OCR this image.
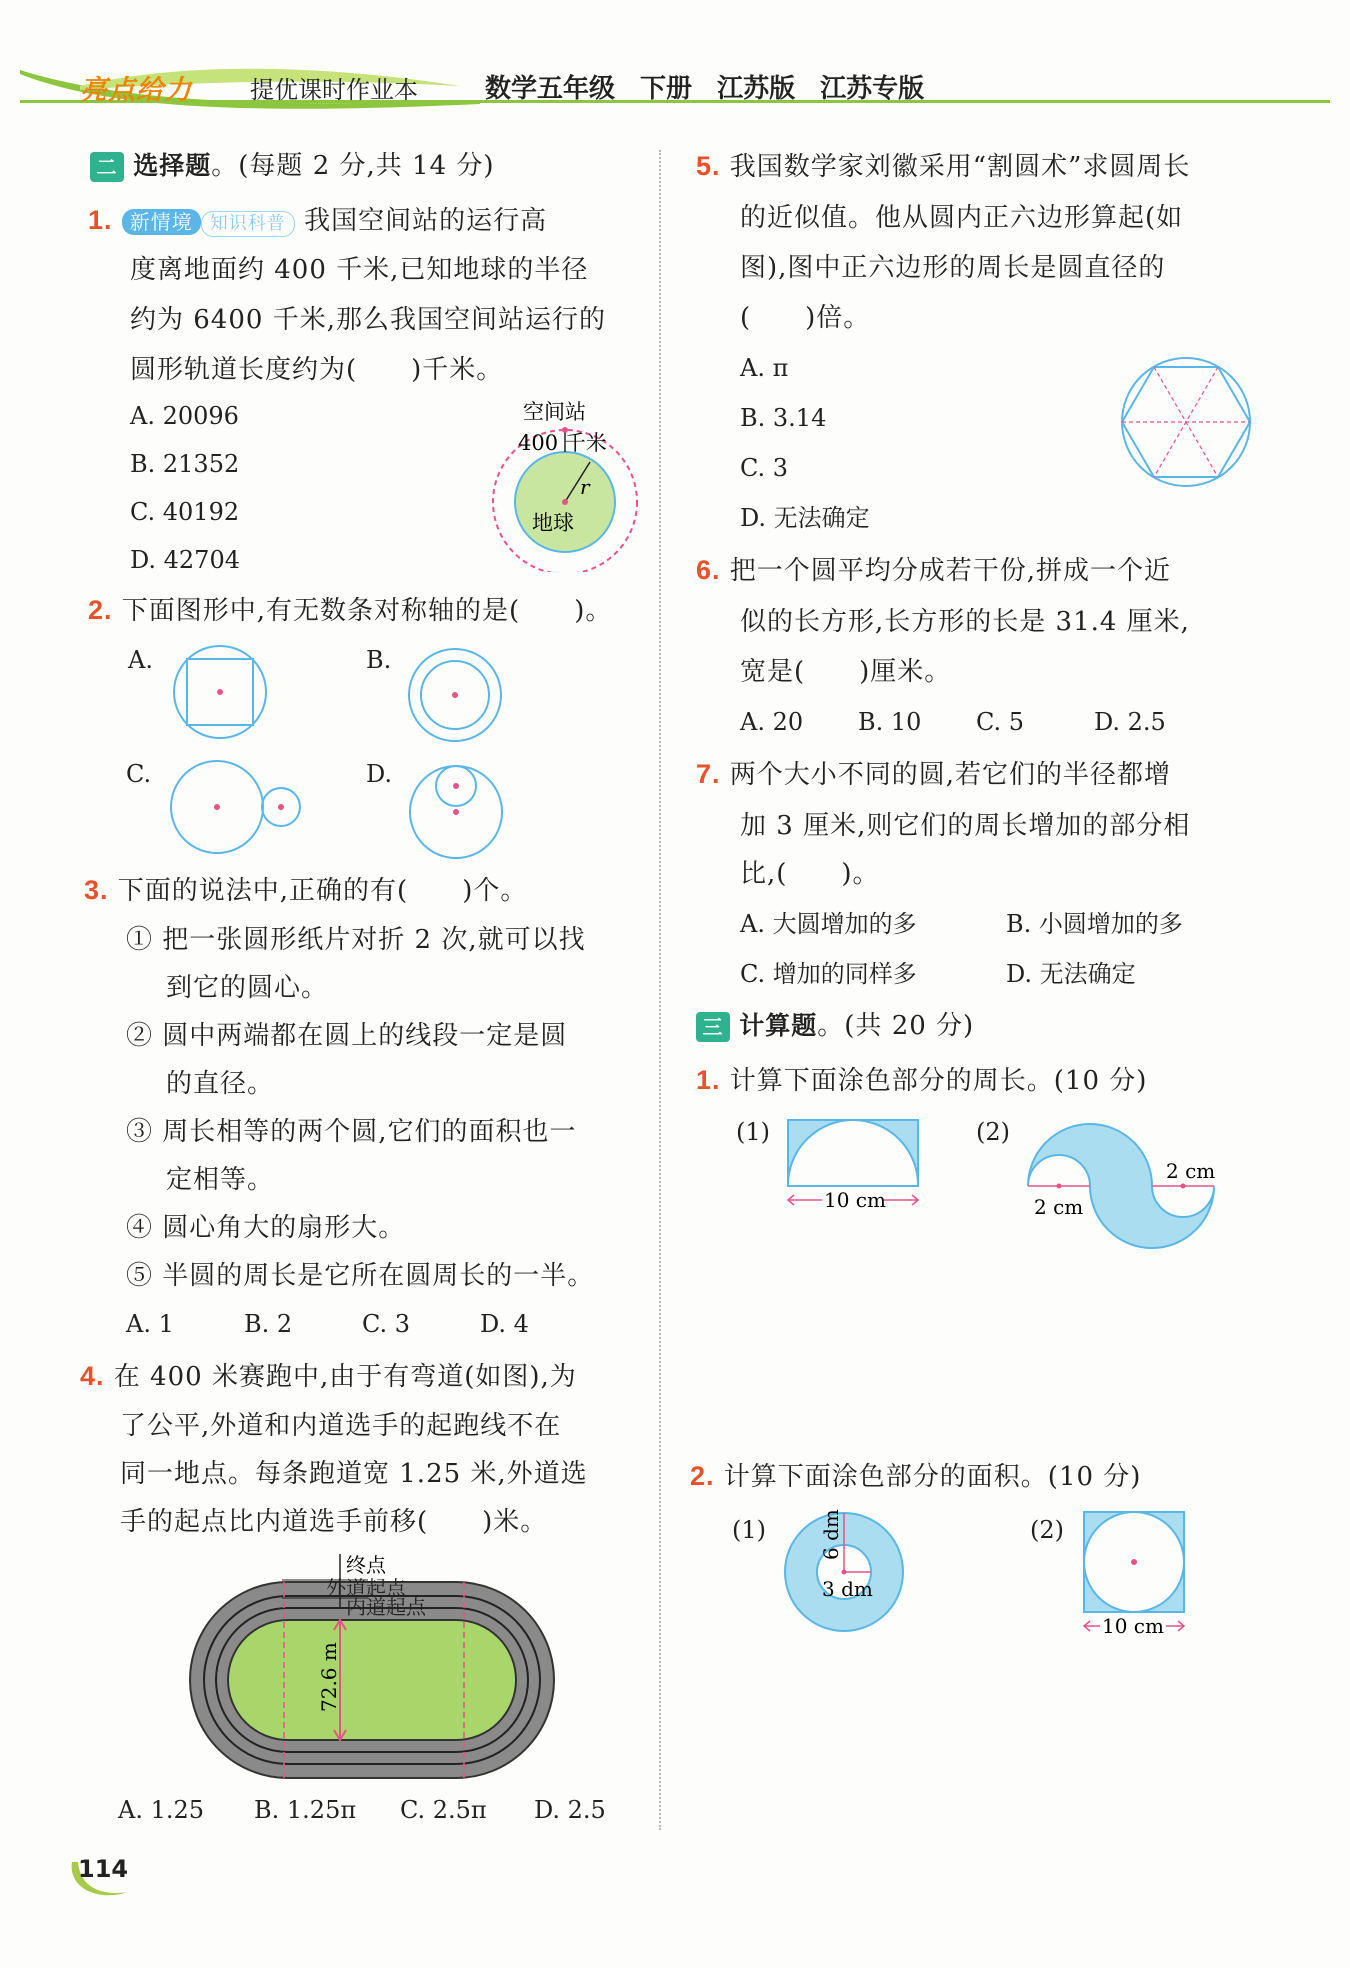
亮点给力 提优课时作业本	数学五年级 下册 江苏版 江苏专版
二 选择题。(每题 2 分,共 14 分)
1. 新情境 知识科普 我国空间站的运行高
度离地面约 400 千米,已知地球的半径
约为 6400 千米,那么我国空间站运行的
圆形轨道长度约为(　　)千米。
A. 20096
B. 21352
C. 40192
D. 42704
空间站
400 千米
r
地球
2. 下面图形中,有无数条对称轴的是(　　)。
A.	B.
C.	D.
3. 下面的说法中,正确的有(　　)个。
① 把一张圆形纸片对折 2 次,就可以找
到它的圆心。
② 圆中两端都在圆上的线段一定是圆
的直径。
③ 周长相等的两个圆,它们的面积也一
定相等。
④ 圆心角大的扇形大。
⑤ 半圆的周长是它所在圆周长的一半。
A. 1	B. 2	C. 3	D. 4
4. 在 400 米赛跑中,由于有弯道(如图),为
了公平,外道和内道选手的起跑线不在
同一地点。每条跑道宽 1.25 米,外道选
手的起点比内道选手前移(　　)米。
终点
外道起点
内道起点
72.6 m
A. 1.25 B. 1.25π C. 2.5π D. 2.5
114
5. 我国数学家刘徽采用“割圆术”求圆周长
的近似值。他从圆内正六边形算起(如
图),图中正六边形的周长是圆直径的
(　　)倍。
A. π
B. 3.14
C. 3
D. 无法确定
6. 把一个圆平均分成若干份,拼成一个近
似的长方形,长方形的长是 31.4 厘米,
宽是(　　)厘米。
A. 20 B. 10 C. 5	D. 2.5
7. 两个大小不同的圆,若它们的半径都增
加 3 厘米,则它们的周长增加的部分相
比,(　　)。
A. 大圆增加的多	B. 小圆增加的多
C. 增加的同样多	D. 无法确定
三 计算题。(共 20 分)
1. 计算下面涂色部分的周长。(10 分)
(1)	(2)
10 cm	2 cm
2 cm
2. 计算下面涂色部分的面积。(10 分)
(1)	(2)
6 dm
3 dm
10 cm
